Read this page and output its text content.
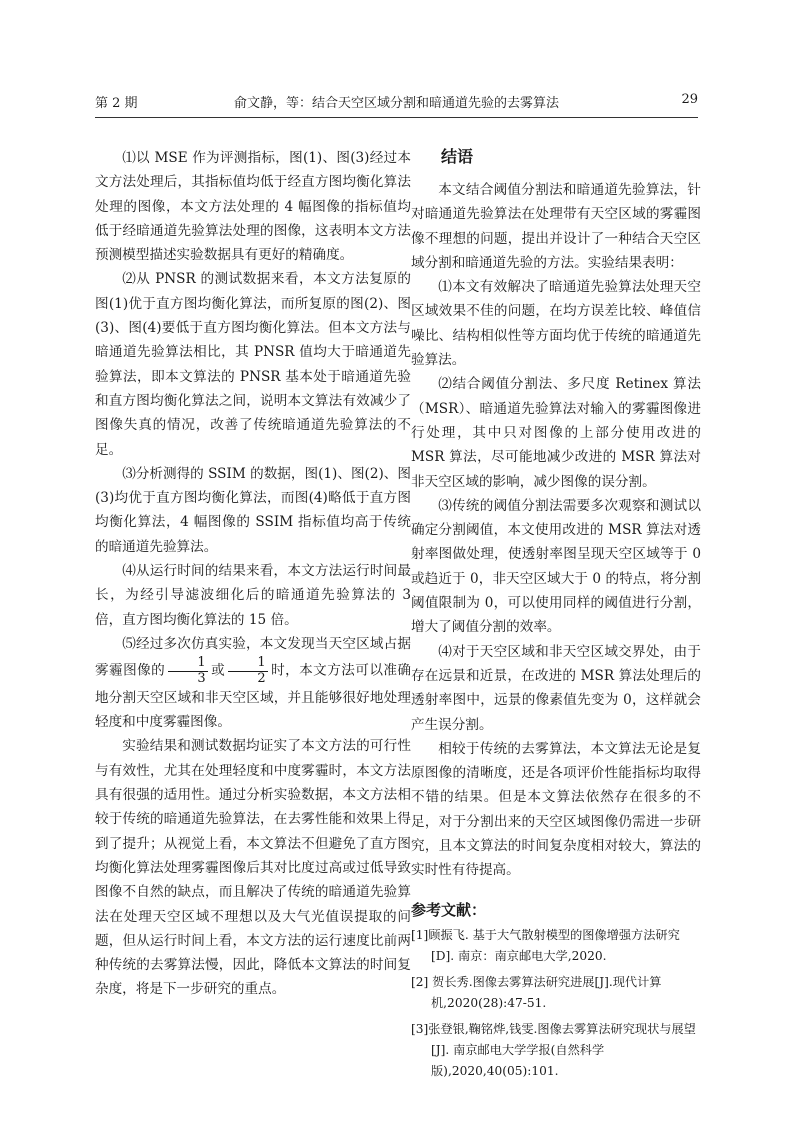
第 2 期	俞文静，等：结合天空区域分割和暗通道先验的去雾算法	29

⑴以 MSE 作为评测指标，图(1)、图(3)经过本文方法处理后，其指标值均低于经直方图均衡化算法处理的图像，本文方法处理的 4 幅图像的指标值均低于经暗通道先验算法处理的图像，这表明本文方法预测模型描述实验数据具有更好的精确度。

⑵从 PNSR 的测试数据来看，本文方法复原的图(1)优于直方图均衡化算法，而所复原的图(2)、图(3)、图(4)要低于直方图均衡化算法。但本文方法与暗通道先验算法相比，其 PNSR 值均大于暗通道先验算法，即本文算法的 PNSR 基本处于暗通道先验和直方图均衡化算法之间，说明本文算法有效减少了图像失真的情况，改善了传统暗通道先验算法的不足。

⑶分析测得的 SSIM 的数据，图(1)、图(2)、图(3)均优于直方图均衡化算法，而图(4)略低于直方图均衡化算法，4 幅图像的 SSIM 指标值均高于传统的暗通道先验算法。

⑷从运行时间的结果来看，本文方法运行时间最长，为经引导滤波细化后的暗通道先验算法的 3 倍，直方图均衡化算法的 15 倍。

⑸经过多次仿真实验，本文发现当天空区域占据雾霾图像的 $\frac{1}{3}$ 或 $\frac{1}{2}$ 时，本文方法可以准确地分割天空区域和非天空区域，并且能够很好地处理轻度和中度雾霾图像。

实验结果和测试数据均证实了本文方法的可行性与有效性，尤其在处理轻度和中度雾霾时，本文方法具有很强的适用性。通过分析实验数据，本文方法相较于传统的暗通道先验算法，在去雾性能和效果上得到了提升；从视觉上看，本文算法不但避免了直方图均衡化算法处理雾霾图像后其对比度过高或过低导致图像不自然的缺点，而且解决了传统的暗通道先验算法在处理天空区域不理想以及大气光值误提取的问题，但从运行时间上看，本文方法的运行速度比前两种传统的去雾算法慢，因此，降低本文算法的时间复杂度，将是下一步研究的重点。

结语

本文结合阈值分割法和暗通道先验算法，针对暗通道先验算法在处理带有天空区域的雾霾图像不理想的问题，提出并设计了一种结合天空区域分割和暗通道先验的方法。实验结果表明：

⑴本文有效解决了暗通道先验算法处理天空区域效果不佳的问题，在均方误差比较、峰值信噪比、结构相似性等方面均优于传统的暗通道先验算法。

⑵结合阈值分割法、多尺度 Retinex 算法（MSR）、暗通道先验算法对输入的雾霾图像进行处理，其中只对图像的上部分使用改进的 MSR 算法，尽可能地减少改进的 MSR 算法对非天空区域的影响，减少图像的误分割。

⑶传统的阈值分割法需要多次观察和测试以确定分割阈值，本文使用改进的 MSR 算法对透射率图做处理，使透射率图呈现天空区域等于 0 或趋近于 0，非天空区域大于 0 的特点，将分割阈值限制为 0，可以使用同样的阈值进行分割，增大了阈值分割的效率。

⑷对于天空区域和非天空区域交界处，由于存在远景和近景，在改进的 MSR 算法处理后的透射率图中，远景的像素值先变为 0，这样就会产生误分割。

相较于传统的去雾算法，本文算法无论是复原图像的清晰度，还是各项评价性能指标均取得不错的结果。但是本文算法依然存在很多的不足，对于分割出来的天空区域图像仍需进一步研究，且本文算法的时间复杂度相对较大，算法的实时性有待提高。

参考文献：

[1]顾振飞. 基于大气散射模型的图像增强方法研究[D]. 南京：南京邮电大学,2020.

[2] 贺长秀.图像去雾算法研究进展[J].现代计算机,2020(28):47-51.

[3]张登银,鞠铭烨,钱雯.图像去雾算法研究现状与展望[J]. 南京邮电大学学报(自然科学版),2020,40(05):101.
